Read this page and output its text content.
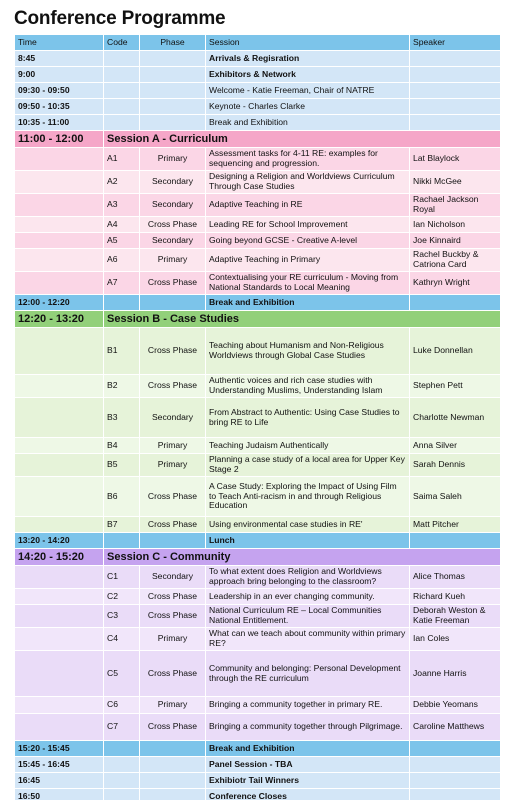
Conference Programme
Time	Code	Phase	Session	Speaker
8:45			Arrivals & Regisration	
9:00			Exhibitors & Network	
09:30 - 09:50			Welcome - Katie Freeman, Chair of NATRE	
09:50 - 10:35			Keynote - Charles Clarke	
10:35 - 11:00			Break and Exhibition	
11:00 - 12:00	Session A - Curriculum			
	A1	Primary	Assessment tasks for 4-11 RE: examples for sequencing and progression.	Lat Blaylock
	A2	Secondary	Designing a Religion and Worldviews Curriculum Through Case Studies	Nikki McGee
	A3	Secondary	Adaptive Teaching in RE	Rachael Jackson Royal
	A4	Cross Phase	Leading RE for School Improvement	Ian Nicholson
	A5	Secondary	Going beyond GCSE - Creative A-level	Joe Kinnaird
	A6	Primary	Adaptive Teaching in Primary	Rachel Buckby & Catriona Card
	A7	Cross Phase	Contextualising your RE curriculum - Moving from National Standards to Local Meaning	Kathryn Wright
12:00 - 12:20			Break and Exhibition	
12:20 - 13:20	Session B - Case Studies			
	B1	Cross Phase	Teaching about Humanism and Non-Religious Worldviews through Global Case Studies	Luke Donnellan
	B2	Cross Phase	Authentic voices and rich case studies with Understanding Muslims, Understanding Islam	Stephen Pett
	B3	Secondary	From Abstract to Authentic: Using Case Studies to bring RE to Life	Charlotte Newman
	B4	Primary	Teaching Judaism Authentically	Anna Silver
	B5	Primary	Planning a case study of a local area for Upper Key Stage 2	Sarah Dennis
	B6	Cross Phase	A Case Study: Exploring the Impact of Using Film to Teach Anti-racism in and through Religious Education	Saima Saleh
	B7	Cross Phase	Using environmental case studies in RE'	Matt Pitcher
13:20 - 14:20			Lunch	
14:20 - 15:20	Session C - Community			
	C1	Secondary	To what extent does Religion and Worldviews approach bring belonging to the classroom?	Alice Thomas
	C2	Cross Phase	Leadership in an ever changing community.	Richard Kueh
	C3	Cross Phase	National Curriculum RE – Local Communities National Entitlement.	Deborah Weston & Katie Freeman
	C4	Primary	What can we teach about community within primary RE?	Ian Coles
	C5	Cross Phase	Community and belonging: Personal Development through the RE curriculum	Joanne Harris
	C6	Primary	Bringing a community together in primary RE.	Debbie Yeomans
	C7	Cross Phase	Bringing a community together through Pilgrimage.	Caroline Matthews
15:20 - 15:45			Break and Exhibition	
15:45 - 16:45			Panel Session - TBA	
16:45			Exhibiotr Tail Winners	
16:50			Conference Closes	
